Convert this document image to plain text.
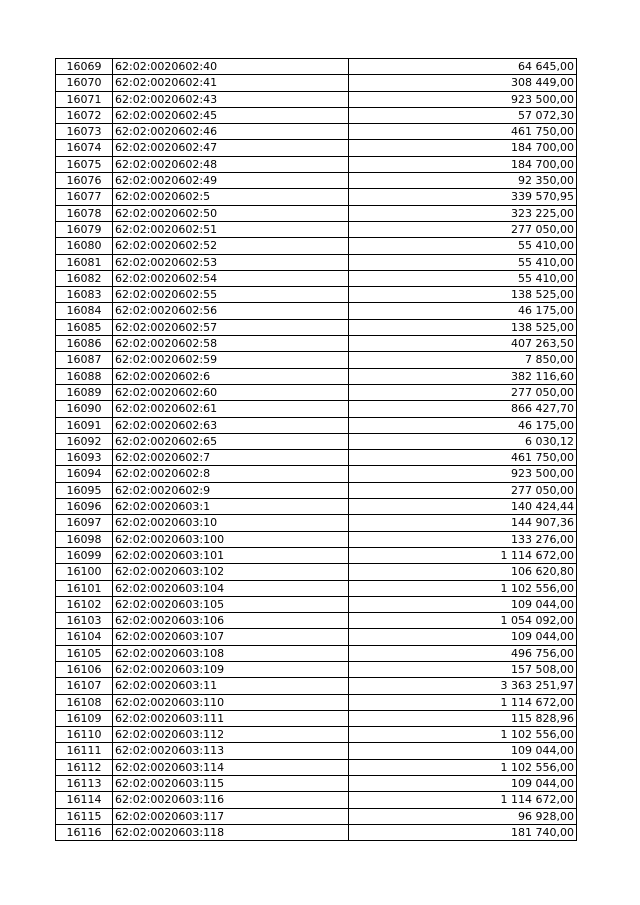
16069	62:02:0020602:40	64 645,00
16070	62:02:0020602:41	308 449,00
16071	62:02:0020602:43	923 500,00
16072	62:02:0020602:45	57 072,30
16073	62:02:0020602:46	461 750,00
16074	62:02:0020602:47	184 700,00
16075	62:02:0020602:48	184 700,00
16076	62:02:0020602:49	92 350,00
16077	62:02:0020602:5	339 570,95
16078	62:02:0020602:50	323 225,00
16079	62:02:0020602:51	277 050,00
16080	62:02:0020602:52	55 410,00
16081	62:02:0020602:53	55 410,00
16082	62:02:0020602:54	55 410,00
16083	62:02:0020602:55	138 525,00
16084	62:02:0020602:56	46 175,00
16085	62:02:0020602:57	138 525,00
16086	62:02:0020602:58	407 263,50
16087	62:02:0020602:59	7 850,00
16088	62:02:0020602:6	382 116,60
16089	62:02:0020602:60	277 050,00
16090	62:02:0020602:61	866 427,70
16091	62:02:0020602:63	46 175,00
16092	62:02:0020602:65	6 030,12
16093	62:02:0020602:7	461 750,00
16094	62:02:0020602:8	923 500,00
16095	62:02:0020602:9	277 050,00
16096	62:02:0020603:1	140 424,44
16097	62:02:0020603:10	144 907,36
16098	62:02:0020603:100	133 276,00
16099	62:02:0020603:101	1 114 672,00
16100	62:02:0020603:102	106 620,80
16101	62:02:0020603:104	1 102 556,00
16102	62:02:0020603:105	109 044,00
16103	62:02:0020603:106	1 054 092,00
16104	62:02:0020603:107	109 044,00
16105	62:02:0020603:108	496 756,00
16106	62:02:0020603:109	157 508,00
16107	62:02:0020603:11	3 363 251,97
16108	62:02:0020603:110	1 114 672,00
16109	62:02:0020603:111	115 828,96
16110	62:02:0020603:112	1 102 556,00
16111	62:02:0020603:113	109 044,00
16112	62:02:0020603:114	1 102 556,00
16113	62:02:0020603:115	109 044,00
16114	62:02:0020603:116	1 114 672,00
16115	62:02:0020603:117	96 928,00
16116	62:02:0020603:118	181 740,00
